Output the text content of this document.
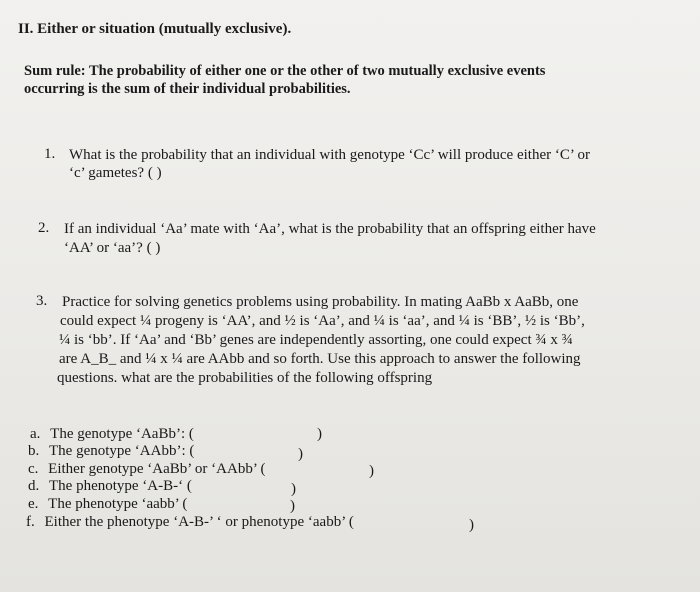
II. Either or situation (mutually exclusive).
Sum rule: The probability of either one or the other of two mutually exclusive events
occurring is the sum of their individual probabilities.
1. What is the probability that an individual with genotype ‘Cc’ will produce either ‘C’ or
‘c’ gametes? ( )
2. If an individual ‘Aa’ mate with ‘Aa’, what is the probability that an offspring either have
‘AA’ or ‘aa’? ( )
3. Practice for solving genetics problems using probability. In mating AaBb x AaBb, one
could expect ¼ progeny is ‘AA’, and ½ is ‘Aa’, and ¼ is ‘aa’, and ¼ is ‘BB’, ½ is ‘Bb’,
¼ is ‘bb’. If ‘Aa’ and ‘Bb’ genes are independently assorting, one could expect ¾ x ¾
are A_B_ and ¼ x ¼ are AAbb and so forth. Use this approach to answer the following
questions. what are the probabilities of the following offspring
a. The genotype ‘AaBb’: (	)
b. The genotype ‘AAbb’: (	)
c. Either genotype ‘AaBb’ or ‘AAbb’ (	)
d. The phenotype ‘A-B-‘ (	)
e. The phenotype ‘aabb’ (	)
f. Either the phenotype ‘A-B-’ ‘ or phenotype ‘aabb’ (	)
